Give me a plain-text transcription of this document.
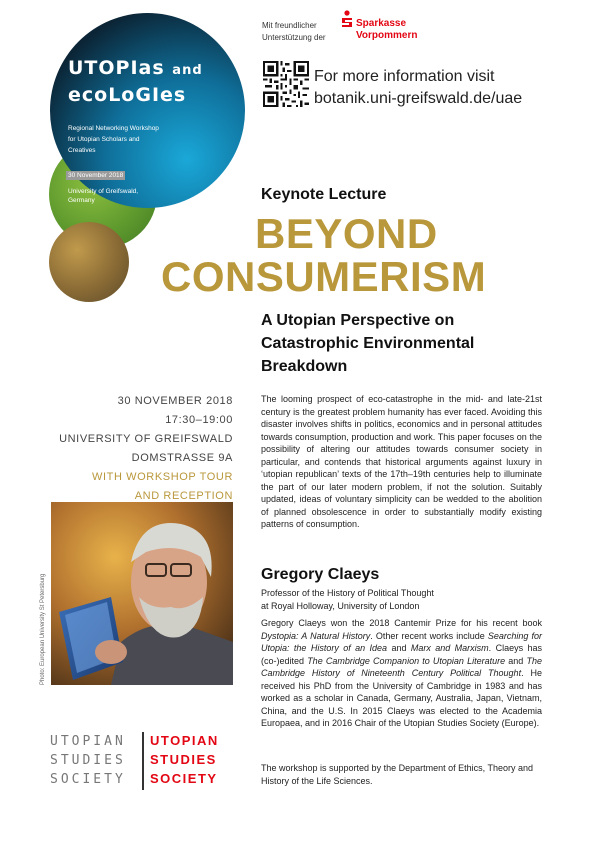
UTOPIas and
ecoLoGIes
Regional Networking Workshop for Utopian Scholars and Creatives
30 November 2018
University of Greifswald, Germany
Mit freundlicher
Unterstützung der
Sparkasse
Vorpommern
For more information visit
botanik.uni-greifswald.de/uae
Keynote Lecture
BEYOND
CONSUMERISM
A Utopian Perspective on Catastrophic Environmental Breakdown
30 NOVEMBER 2018
17:30–19:00
UNIVERSITY OF GREIFSWALD
DOMSTRASSE 9A
WITH WORKSHOP TOUR
AND RECEPTION
Photo: European University St Petersburg
The looming prospect of eco-catastrophe in the mid- and late-21st century is the greatest problem humanity has ever faced. Avoiding this disaster involves shifts in politics, economics and in personal attitudes towards consumption, production and work. This paper focuses on the possibility of altering our attitudes towards consumer society in particular, and contends that historical arguments against luxury in ‘utopian republican’ texts of the 17th–19th centuries help to illuminate the part of our later modern problem, if not the solution. Suitably updated, ideas of voluntary simplicity can be wedded to the abolition of planned obsolescence in order to substantially modify existing patterns of consumption.
Gregory Claeys
Professor of the History of Political Thought
at Royal Holloway, University of London
Gregory Claeys won the 2018 Cantemir Prize for his recent book Dystopia: A Natural History. Other recent works include Searching for Utopia: the History of an Idea and Marx and Marxism. Claeys has (co-)edited The Cambridge Companion to Utopian Literature and The Cambridge History of Nineteenth Century Political Thought. He received his PhD from the University of Cambridge in 1983 and has worked as a scholar in Canada, Germany, Australia, Japan, Vietnam, China, and the U.S. In 2015 Claeys was elected to the Academia Europaea, and in 2016 Chair of the Utopian Studies Society (Europe).
The workshop is supported by the Department of Ethics, Theory and History of the Life Sciences.
UTOPIAN
STUDIES
SOCIETY
UTOPIAN
STUDIES
SOCIETY
